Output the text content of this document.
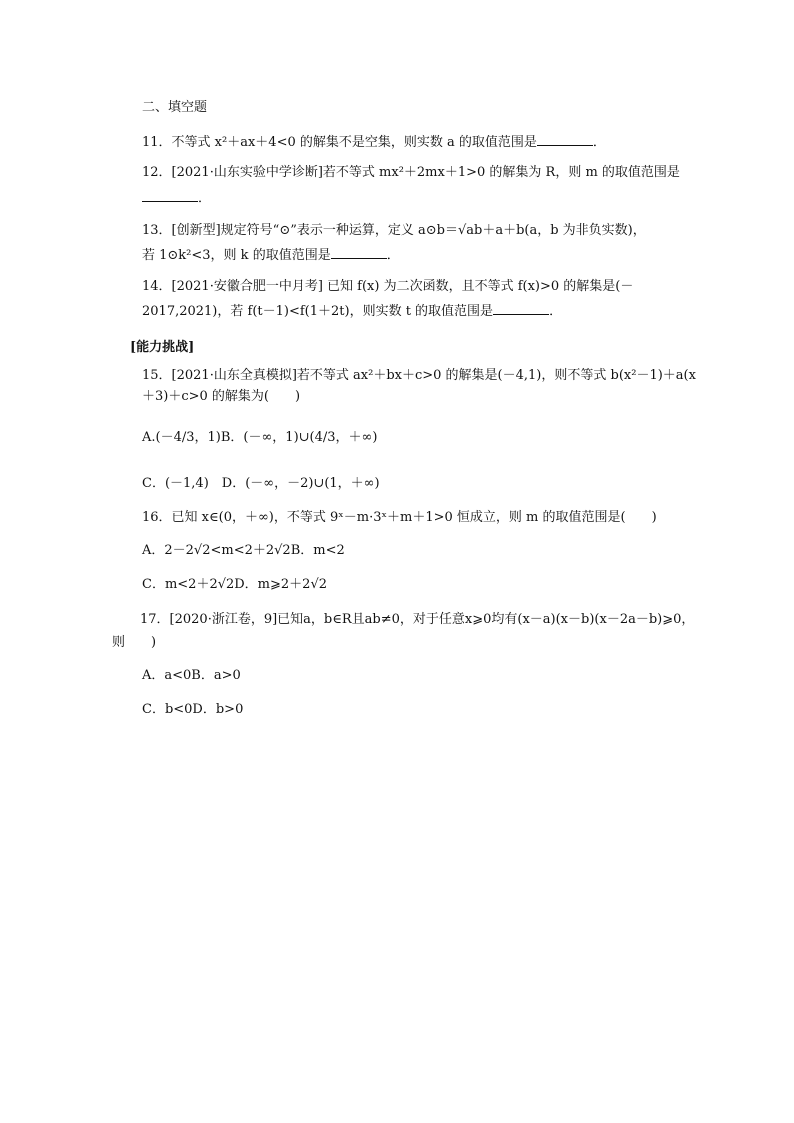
二、填空题
11．不等式 x²＋ax＋4<0 的解集不是空集，则实数 a 的取值范围是	．
12．[2021·山东实验中学诊断]若不等式 mx²＋2mx＋1>0 的解集为 R，则 m 的取值范围是
．
13．[创新型]规定符号“⊙”表示一种运算，定义 a⊙b＝√ab＋a＋b(a，b 为非负实数)，
若 1⊙k²<3，则 k 的取值范围是	．
14．[2021·安徽合肥一中月考] 已知 f(x) 为二次函数，且不等式 f(x)>0 的解集是(－
2017,2021)，若 f(t－1)<f(1＋2t)，则实数 t 的取值范围是	．
[能力挑战]
15．[2021·山东全真模拟]若不等式 ax²＋bx＋c>0 的解集是(－4,1)，则不等式 b(x²－1)＋a(x
＋3)＋c>0 的解集为(　　)
A.(－4/3，1)B．(－∞，1)∪(4/3，＋∞)
C．(－1,4)　D．(－∞，－2)∪(1，＋∞)
16．已知 x∈(0，＋∞)，不等式 9ˣ－m·3ˣ＋m＋1>0 恒成立，则 m 的取值范围是(　　)
A．2－2√2<m<2＋2√2B．m<2
C．m<2＋2√2D．m⩾2＋2√2
17．[2020·浙江卷，9]已知a，b∈R且ab≠0，对于任意x⩾0均有(x－a)(x－b)(x－2a－b)⩾0，
则　　)
A．a<0B．a>0
C．b<0D．b>0
